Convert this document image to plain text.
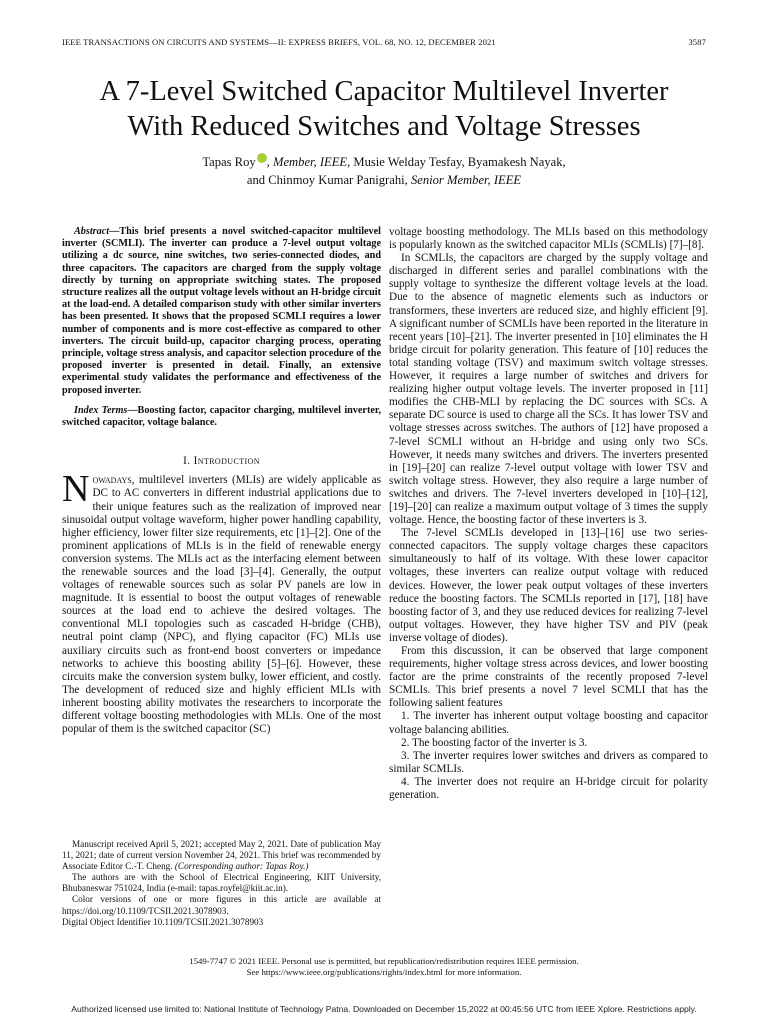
IEEE TRANSACTIONS ON CIRCUITS AND SYSTEMS—II: EXPRESS BRIEFS, VOL. 68, NO. 12, DECEMBER 2021	3587
A 7-Level Switched Capacitor Multilevel Inverter
With Reduced Switches and Voltage Stresses
Tapas Roy , Member, IEEE, Musie Welday Tesfay, Byamakesh Nayak,
and Chinmoy Kumar Panigrahi, Senior Member, IEEE

Abstract—This brief presents a novel switched-capacitor multilevel inverter (SCMLI). The inverter can produce a 7-level output voltage utilizing a dc source, nine switches, two series-connected diodes, and three capacitors. The capacitors are charged from the supply voltage directly by turning on appropriate switching states. The proposed structure realizes all the output voltage levels without an H-bridge circuit at the load-end. A detailed comparison study with other similar inverters has been presented. It shows that the proposed SCMLI requires a lower number of components and is more cost-effective as compared to other inverters. The circuit build-up, capacitor charging process, operating principle, voltage stress analysis, and capacitor selection procedure of the proposed inverter is presented in detail. Finally, an extensive experimental study validates the performance and effectiveness of the proposed inverter.

Index Terms—Boosting factor, capacitor charging, multilevel inverter, switched capacitor, voltage balance.

I. Introduction

Nowadays, multilevel inverters (MLIs) are widely applicable as DC to AC converters in different industrial applications due to their unique features such as the realization of improved near sinusoidal output voltage waveform, higher power handling capability, higher efficiency, lower filter size requirements, etc [1]–[2]. One of the prominent applications of MLIs is in the field of renewable energy conversion systems. The MLIs act as the interfacing element between the renewable sources and the load [3]–[4]. Generally, the output voltages of renewable sources such as solar PV panels are low in magnitude. It is essential to boost the output voltages of renewable sources at the load end to achieve the desired voltages. The conventional MLI topologies such as cascaded H-bridge (CHB), neutral point clamp (NPC), and flying capacitor (FC) MLIs use auxiliary circuits such as front-end boost converters or impedance networks to achieve this boosting ability [5]–[6]. However, these circuits make the conversion system bulky, lower efficient, and costly. The development of reduced size and highly efficient MLIs with inherent boosting ability motivates the researchers to incorporate the different voltage boosting methodologies with MLIs. One of the most popular of them is the switched capacitor (SC)

Manuscript received April 5, 2021; accepted May 2, 2021. Date of publication May 11, 2021; date of current version November 24, 2021. This brief was recommended by Associate Editor C.-T. Cheng. (Corresponding author: Tapas Roy.)

The authors are with the School of Electrical Engineering, KIIT University, Bhubaneswar 751024, India (e-mail: tapas.royfel@kiit.ac.in).

Color versions of one or more figures in this article are available at https://doi.org/10.1109/TCSII.2021.3078903.

Digital Object Identifier 10.1109/TCSII.2021.3078903

voltage boosting methodology. The MLIs based on this methodology is popularly known as the switched capacitor MLIs (SCMLIs) [7]–[8].

In SCMLIs, the capacitors are charged by the supply voltage and discharged in different series and parallel combinations with the supply voltage to synthesize the different voltage levels at the load. Due to the absence of magnetic elements such as inductors or transformers, these inverters are reduced size, and highly efficient [9]. A significant number of SCMLIs have been reported in the literature in recent years [10]–[21]. The inverter presented in [10] eliminates the H bridge circuit for polarity generation. This feature of [10] reduces the total standing voltage (TSV) and maximum switch voltage stresses. However, it requires a large number of switches and drivers for realizing higher output voltage levels. The inverter proposed in [11] modifies the CHB-MLI by replacing the DC sources with SCs. A separate DC source is used to charge all the SCs. It has lower TSV and voltage stresses across switches. The authors of [12] have proposed a 7-level SCMLI without an H-bridge and using only two SCs. However, it needs many switches and drivers. The inverters presented in [19]–[20] can realize 7-level output voltage with lower TSV and switch voltage stress. However, they also require a large number of switches and drivers. The 7-level inverters developed in [10]–[12], [19]–[20] can realize a maximum output voltage of 3 times the supply voltage. Hence, the boosting factor of these inverters is 3.

The 7-level SCMLIs developed in [13]–[16] use two series-connected capacitors. The supply voltage charges these capacitors simultaneously to half of its voltage. With these lower capacitor voltages, these inverters can realize output voltage with reduced devices. However, the lower peak output voltages of these inverters reduce the boosting factors. The SCMLIs reported in [17], [18] have boosting factor of 3, and they use reduced devices for realizing 7-level output voltages. However, they have higher TSV and PIV (peak inverse voltage of diodes).

From this discussion, it can be observed that large component requirements, higher voltage stress across devices, and lower boosting factor are the prime constraints of the recently proposed 7-level SCMLIs. This brief presents a novel 7 level SCMLI that has the following salient features

1. The inverter has inherent output voltage boosting and capacitor voltage balancing abilities.

2. The boosting factor of the inverter is 3.

3. The inverter requires lower switches and drivers as compared to similar SCMLIs.

4. The inverter does not require an H-bridge circuit for polarity generation.

1549-7747 © 2021 IEEE. Personal use is permitted, but republication/redistribution requires IEEE permission.
See https://www.ieee.org/publications/rights/index.html for more information.
Authorized licensed use limited to: National Institute of Technology Patna. Downloaded on December 15,2022 at 00:45:56 UTC from IEEE Xplore. Restrictions apply.
